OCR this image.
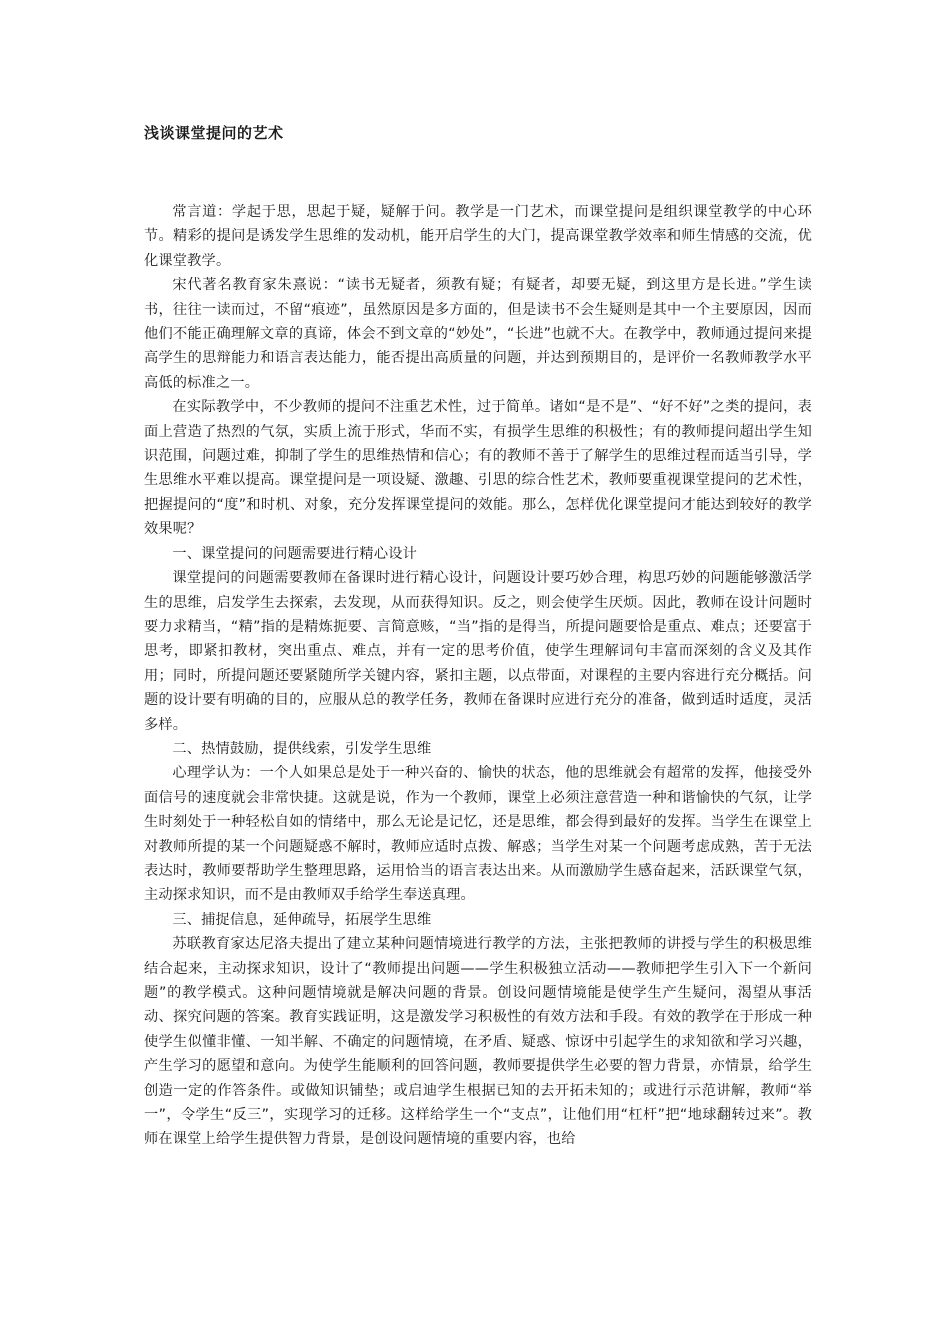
浅谈课堂提问的艺术

常言道：学起于思，思起于疑，疑解于问。教学是一门艺术，而课堂提问是组织课堂教学的中心环节。精彩的提问是诱发学生思维的发动机，能开启学生的大门，提高课堂教学效率和师生情感的交流，优化课堂教学。

宋代著名教育家朱熹说：“读书无疑者，须教有疑；有疑者，却要无疑，到这里方是长进。”学生读书，往往一读而过，不留“痕迹”，虽然原因是多方面的，但是读书不会生疑则是其中一个主要原因，因而他们不能正确理解文章的真谛，体会不到文章的“妙处”，“长进”也就不大。在教学中，教师通过提问来提高学生的思辩能力和语言表达能力，能否提出高质量的问题，并达到预期目的，是评价一名教师教学水平高低的标准之一。

在实际教学中，不少教师的提问不注重艺术性，过于简单。诸如“是不是”、“好不好”之类的提问，表面上营造了热烈的气氛，实质上流于形式，华而不实，有损学生思维的积极性；有的教师提问超出学生知识范围，问题过难，抑制了学生的思维热情和信心；有的教师不善于了解学生的思维过程而适当引导，学生思维水平难以提高。课堂提问是一项设疑、激趣、引思的综合性艺术，教师要重视课堂提问的艺术性，把握提问的“度”和时机、对象，充分发挥课堂提问的效能。那么，怎样优化课堂提问才能达到较好的教学效果呢？

一、课堂提问的问题需要进行精心设计

课堂提问的问题需要教师在备课时进行精心设计，问题设计要巧妙合理，构思巧妙的问题能够激活学生的思维，启发学生去探索，去发现，从而获得知识。反之，则会使学生厌烦。因此，教师在设计问题时要力求精当，“精”指的是精炼扼要、言简意赅，“当”指的是得当，所提问题要恰是重点、难点；还要富于思考，即紧扣教材，突出重点、难点，并有一定的思考价值，使学生理解词句丰富而深刻的含义及其作用；同时，所提问题还要紧随所学关键内容，紧扣主题，以点带面，对课程的主要内容进行充分概括。问题的设计要有明确的目的，应服从总的教学任务，教师在备课时应进行充分的准备，做到适时适度，灵活多样。

二、热情鼓励，提供线索，引发学生思维

心理学认为：一个人如果总是处于一种兴奋的、愉快的状态，他的思维就会有超常的发挥，他接受外面信号的速度就会非常快捷。这就是说，作为一个教师，课堂上必须注意营造一种和谐愉快的气氛，让学生时刻处于一种轻松自如的情绪中，那么无论是记忆，还是思维，都会得到最好的发挥。当学生在课堂上对教师所提的某一个问题疑惑不解时，教师应适时点拨、解惑；当学生对某一个问题考虑成熟，苦于无法表达时，教师要帮助学生整理思路，运用恰当的语言表达出来。从而激励学生感奋起来，活跃课堂气氛，主动探求知识，而不是由教师双手给学生奉送真理。

三、捕捉信息，延伸疏导，拓展学生思维

苏联教育家达尼洛夫提出了建立某种问题情境进行教学的方法，主张把教师的讲授与学生的积极思维结合起来，主动探求知识，设计了“教师提出问题——学生积极独立活动——教师把学生引入下一个新问题”的教学模式。这种问题情境就是解决问题的背景。创设问题情境能是使学生产生疑问，渴望从事活动、探究问题的答案。教育实践证明，这是激发学习积极性的有效方法和手段。有效的教学在于形成一种使学生似懂非懂、一知半解、不确定的问题情境，在矛盾、疑惑、惊讶中引起学生的求知欲和学习兴趣，产生学习的愿望和意向。为使学生能顺利的回答问题，教师要提供学生必要的智力背景，亦情景，给学生创造一定的作答条件。或做知识铺垫；或启迪学生根据已知的去开拓未知的；或进行示范讲解，教师“举一”，令学生“反三”，实现学习的迁移。这样给学生一个“支点”，让他们用“杠杆”把“地球翻转过来”。教师在课堂上给学生提供智力背景，是创设问题情境的重要内容，也给
